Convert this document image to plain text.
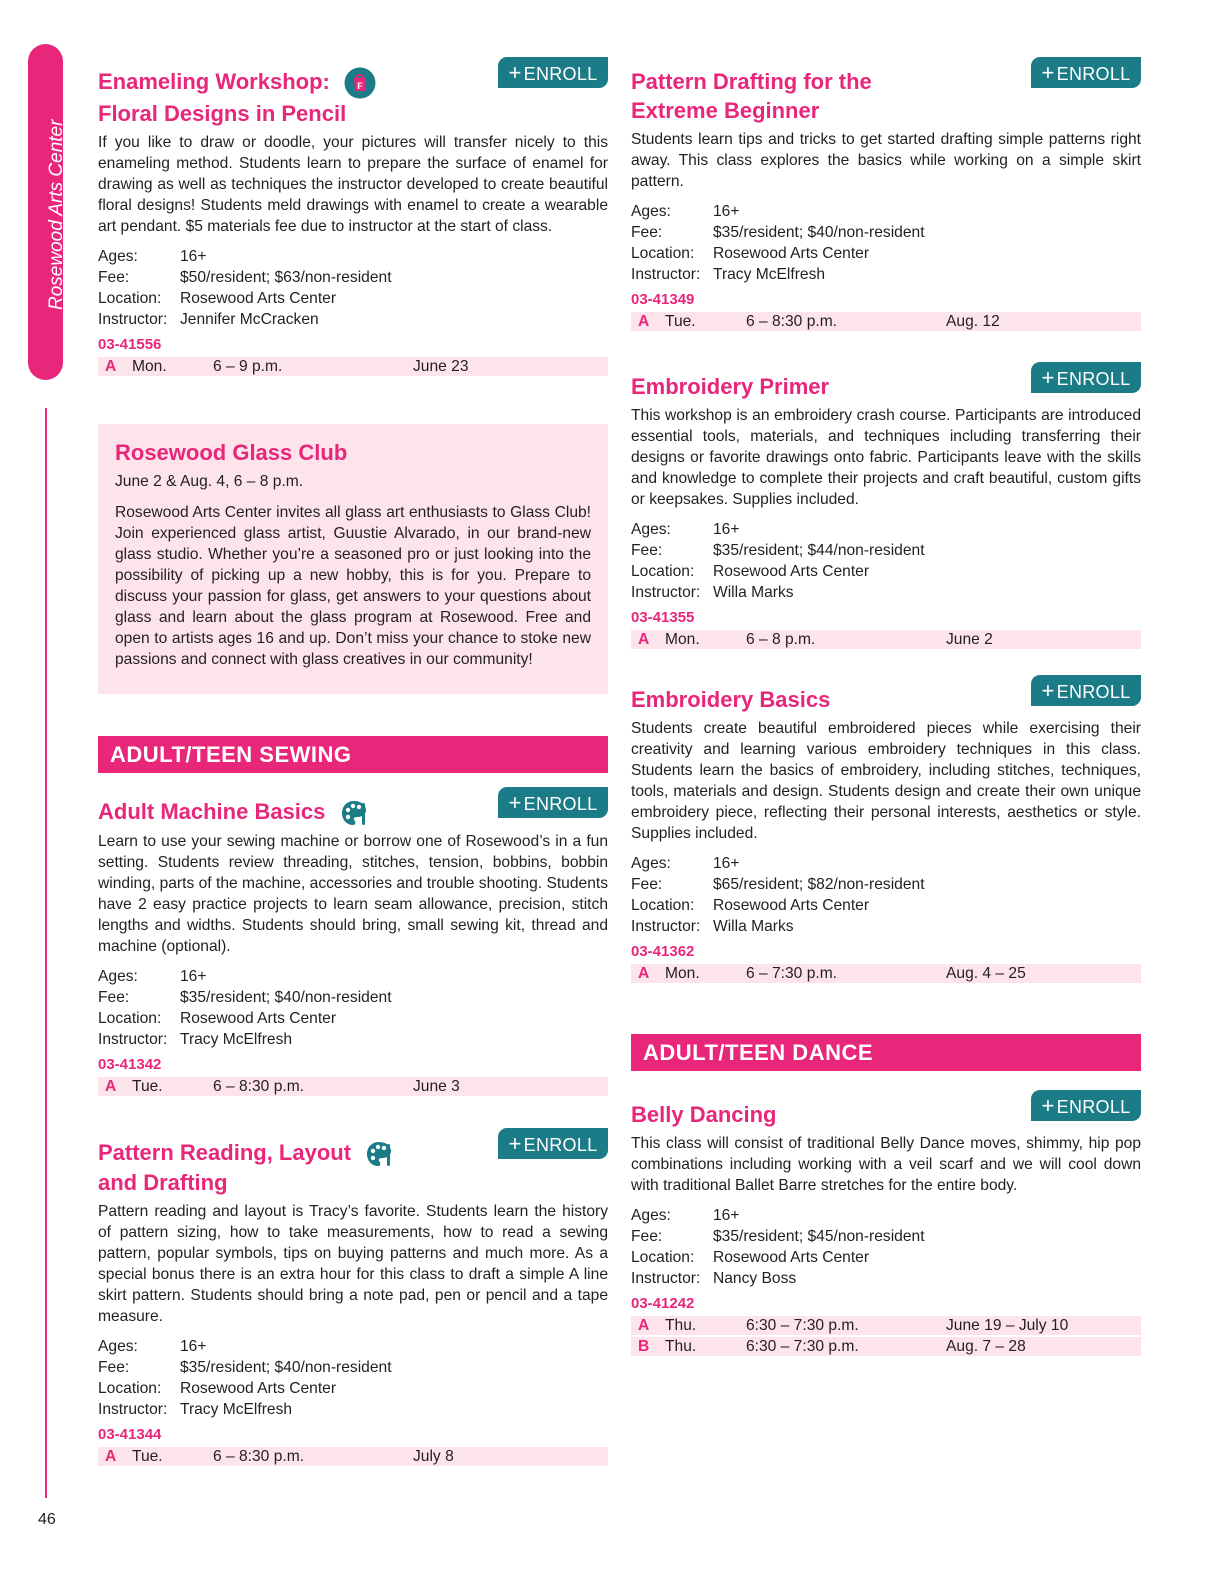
Rosewood Arts Center
46
+ ENROLL
Enameling Workshop:	F

Floral Designs in Pencil
If you like to draw or doodle, your pictures will transfer nicely to this enameling method. Students learn to prepare the surface of enamel for drawing as well as techniques the instructor developed to create beautiful floral designs! Students meld drawings with enamel to create a wearable art pendant. $5 materials fee due to instructor at the start of class.
Ages:	16+
Fee:	$50/resident; $63/non-resident
Location:	Rosewood Arts Center
Instructor: Jennifer McCracken
03-41556
A	Mon.	6 – 9 p.m.	June 23
Rosewood Glass Club
June 2 & Aug. 4, 6 – 8 p.m.
Rosewood Arts Center invites all glass art enthusiasts to Glass Club! Join experienced glass artist, Guustie Alvarado, in our brand-new glass studio. Whether you’re a seasoned pro or just looking into the possibility of picking up a new hobby, this is for you. Prepare to discuss your passion for glass, get answers to your questions about glass and learn about the glass program at Rosewood. Free and open to artists ages 16 and up. Don’t miss your chance to stoke new passions and connect with glass creatives in our community!
ADULT/TEEN SEWING
+ ENROLL
Adult Machine Basics
Learn to use your sewing machine or borrow one of Rosewood’s in a fun setting. Students review threading, stitches, tension, bobbins, bobbin winding, parts of the machine, accessories and trouble shooting. Students have 2 easy practice projects to learn seam allowance, precision, stitch lengths and widths. Students should bring, small sewing kit, thread and machine (optional).
Ages:	16+
Fee:	$35/resident; $40/non-resident
Location:	Rosewood Arts Center
Instructor: Tracy McElfresh
03-41342
A	Tue.	6 – 8:30 p.m.	June 3
+ ENROLL
Pattern Reading, Layout
and Drafting
Pattern reading and layout is Tracy’s favorite. Students learn the history of pattern sizing, how to take measurements, how to read a sewing pattern, popular symbols, tips on buying patterns and much more. As a special bonus there is an extra hour for this class to draft a simple A line skirt pattern. Students should bring a note pad, pen or pencil and a tape measure.
Ages:	16+
Fee:	$35/resident; $40/non-resident
Location:	Rosewood Arts Center
Instructor: Tracy McElfresh
03-41344
A	Tue.	6 – 8:30 p.m.	July 8
+ ENROLL
Pattern Drafting for the
Extreme Beginner
Students learn tips and tricks to get started drafting simple patterns right away. This class explores the basics while working on a simple skirt pattern.
Ages:	16+
Fee:	$35/resident; $40/non-resident
Location:	Rosewood Arts Center
Instructor: Tracy McElfresh
03-41349
A	Tue.	6 – 8:30 p.m.	Aug. 12
+ ENROLL
Embroidery Primer
This workshop is an embroidery crash course. Participants are introduced essential tools, materials, and techniques including transferring their designs or favorite drawings onto fabric. Participants leave with the skills and knowledge to complete their projects and craft beautiful, custom gifts or keepsakes. Supplies included.
Ages:	16+
Fee:	$35/resident; $44/non-resident
Location:	Rosewood Arts Center
Instructor: Willa Marks
03-41355
A	Mon.	6 – 8 p.m.	June 2
+ ENROLL
Embroidery Basics
Students create beautiful embroidered pieces while exercising their creativity and learning various embroidery techniques in this class. Students learn the basics of embroidery, including stitches, techniques, tools, materials and design. Students design and create their own unique embroidery piece, reflecting their personal interests, aesthetics or style. Supplies included.
Ages:	16+
Fee:	$65/resident; $82/non-resident
Location:	Rosewood Arts Center
Instructor: Willa Marks
03-41362
A	Mon.	6 – 7:30 p.m.	Aug. 4 – 25
ADULT/TEEN DANCE
+ ENROLL
Belly Dancing
This class will consist of traditional Belly Dance moves, shimmy, hip pop combinations including working with a veil scarf and we will cool down with traditional Ballet Barre stretches for the entire body.
Ages:	16+
Fee:	$35/resident; $45/non-resident
Location:	Rosewood Arts Center
Instructor: Nancy Boss
03-41242
A	Thu.	6:30 – 7:30 p.m.	June 19 – July 10
B	Thu.	6:30 – 7:30 p.m.	Aug. 7 – 28
